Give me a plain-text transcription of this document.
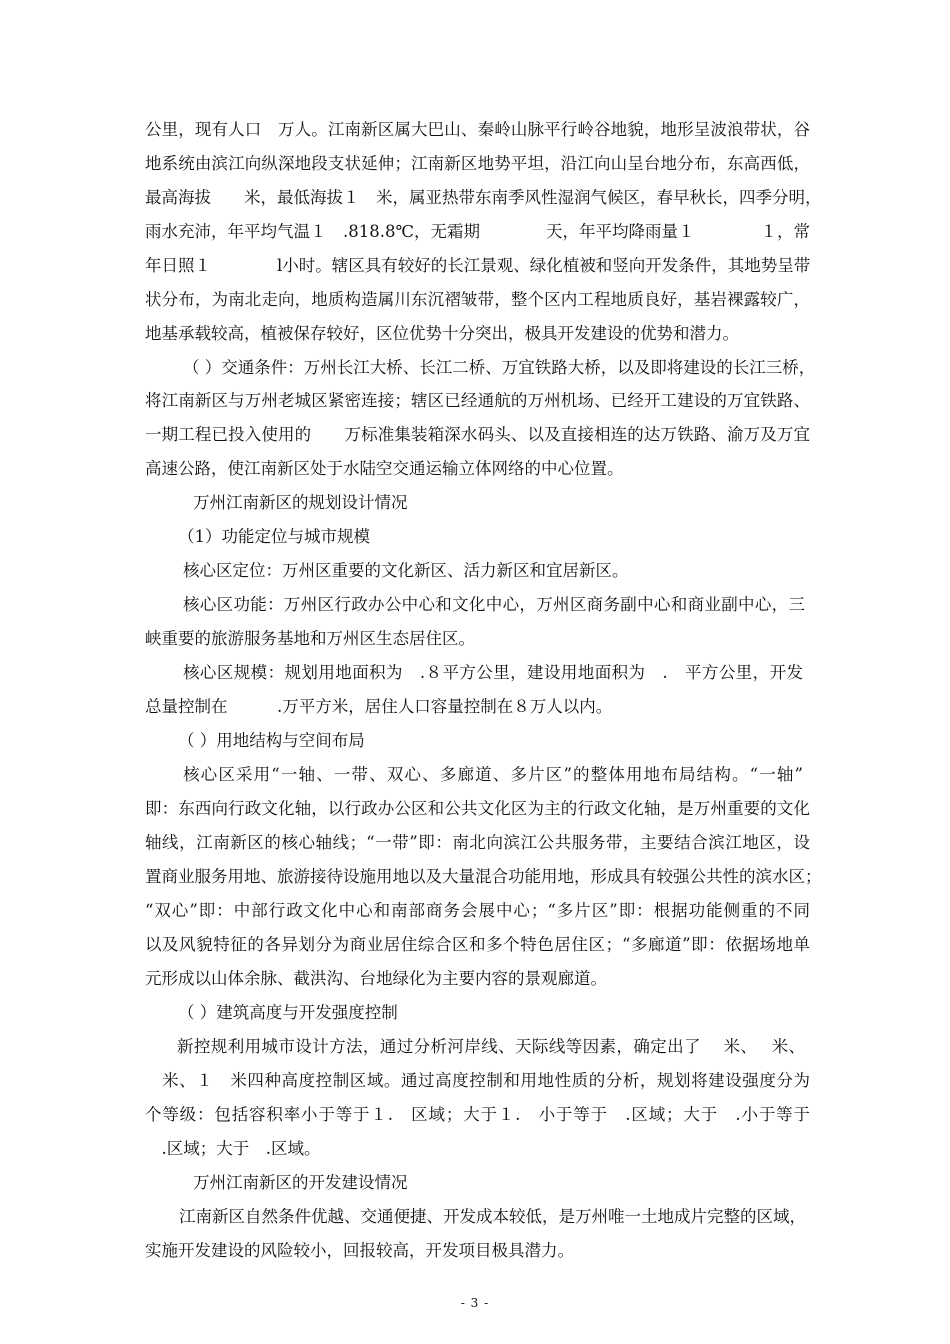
公里，现有人口　万人。江南新区属大巴山、秦岭山脉平行岭谷地貌，地形呈波浪带状，谷
地系统由滨江向纵深地段支状延伸；江南新区地势平坦，沿江向山呈台地分布，东高西低，
最高海拔　　米，最低海拔１　米，属亚热带东南季风性湿润气候区，春早秋长，四季分明，
雨水充沛，年平均气温１　.818.8℃，无霜期　　　　天，年平均降雨量１　　　　１，常
年日照１　　　　l小时。辖区具有较好的长江景观、绿化植被和竖向开发条件，其地势呈带
状分布，为南北走向，地质构造属川东沉褶皱带，整个区内工程地质良好，基岩裸露较广，
地基承载较高，植被保存较好，区位优势十分突出，极具开发建设的优势和潜力。
（ ）交通条件：万州长江大桥、长江二桥、万宜铁路大桥，以及即将建设的长江三桥，
将江南新区与万州老城区紧密连接；辖区已经通航的万州机场、已经开工建设的万宜铁路、
一期工程已投入使用的　　万标准集装箱深水码头、以及直接相连的达万铁路、渝万及万宜
高速公路，使江南新区处于水陆空交通运输立体网络的中心位置。
万州江南新区的规划设计情况
（1）功能定位与城市规模
核心区定位：万州区重要的文化新区、活力新区和宜居新区。
核心区功能：万州区行政办公中心和文化中心，万州区商务副中心和商业副中心，三
峡重要的旅游服务基地和万州区生态居住区。
核心区规模：规划用地面积为　.８平方公里，建设用地面积为　.　平方公里，开发
总量控制在　　　.万平方米，居住人口容量控制在８万人以内。
（ ）用地结构与空间布局
核心区采用“一轴、一带、双心、多廊道、多片区”的整体用地布局结构。“一轴”
即：东西向行政文化轴，以行政办公区和公共文化区为主的行政文化轴，是万州重要的文化
轴线，江南新区的核心轴线；“一带”即：南北向滨江公共服务带，主要结合滨江地区，设
置商业服务用地、旅游接待设施用地以及大量混合功能用地，形成具有较强公共性的滨水区；
“双心”即：中部行政文化中心和南部商务会展中心；“多片区”即：根据功能侧重的不同
以及风貌特征的各异划分为商业居住综合区和多个特色居住区；“多廊道”即：依据场地单
元形成以山体余脉、截洪沟、台地绿化为主要内容的景观廊道。
（ ）建筑高度与开发强度控制
新控规利用城市设计方法，通过分析河岸线、天际线等因素，确定出了　 米、　 米、
　米、１　米四种高度控制区域。通过高度控制和用地性质的分析，规划将建设强度分为
个等级：包括容积率小于等于１.　区域；大于１.　小于等于　.区域；大于　.小于等于
　.区域；大于　.区域。
万州江南新区的开发建设情况
江南新区自然条件优越、交通便捷、开发成本较低，是万州唯一土地成片完整的区域，
实施开发建设的风险较小，回报较高，开发项目极具潜力。
- 3 -
